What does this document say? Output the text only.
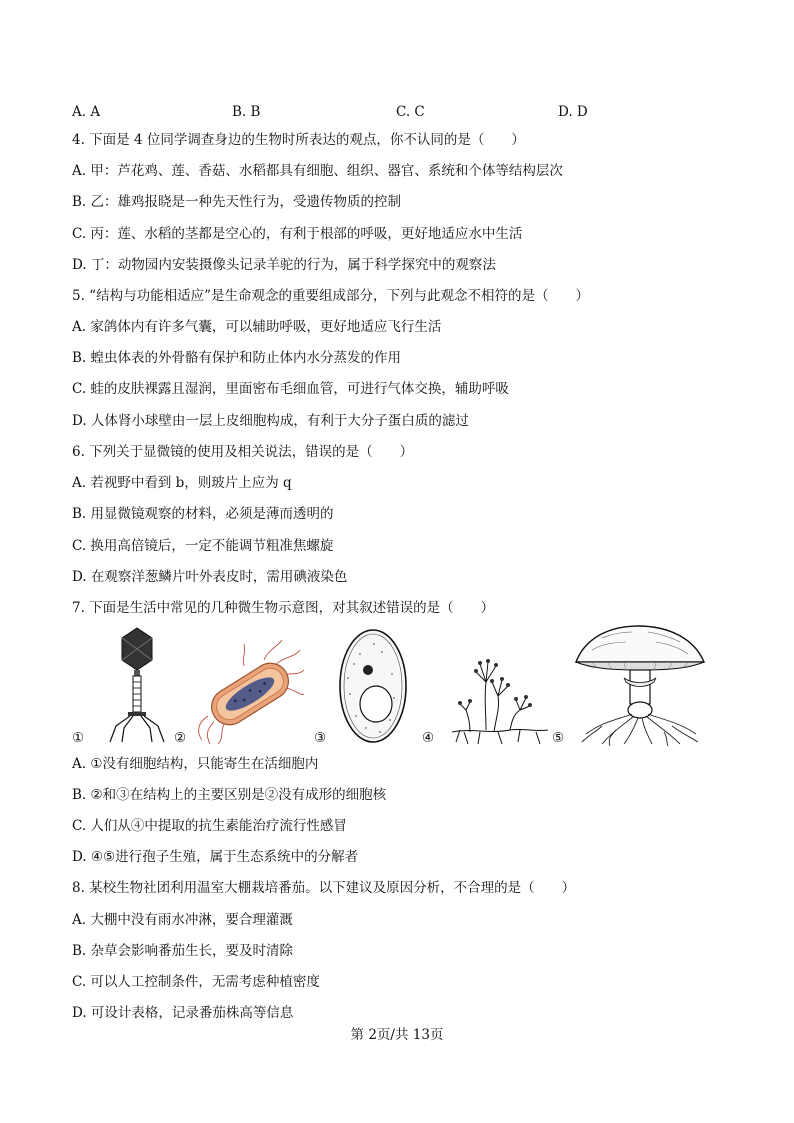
A. A	B. B	C. C	D. D
4. 下面是 4 位同学调查身边的生物时所表达的观点，你不认同的是（　　）
A. 甲：芦花鸡、莲、香菇、水稻都具有细胞、组织、器官、系统和个体等结构层次
B. 乙：雄鸡报晓是一种先天性行为，受遗传物质的控制
C. 丙：莲、水稻的茎都是空心的，有利于根部的呼吸，更好地适应水中生活
D. 丁：动物园内安装摄像头记录羊驼的行为，属于科学探究中的观察法
5. “结构与功能相适应”是生命观念的重要组成部分，下列与此观念不相符的是（　　）
A. 家鸽体内有许多气囊，可以辅助呼吸，更好地适应飞行生活
B. 蝗虫体表的外骨骼有保护和防止体内水分蒸发的作用
C. 蛙的皮肤裸露且湿润，里面密布毛细血管，可进行气体交换，辅助呼吸
D. 人体肾小球壁由一层上皮细胞构成，有利于大分子蛋白质的滤过
6. 下列关于显微镜的使用及相关说法，错误的是（　　）
A. 若视野中看到 b，则玻片上应为 q
B. 用显微镜观察的材料，必须是薄而透明的
C. 换用高倍镜后，一定不能调节粗准焦螺旋
D. 在观察洋葱鳞片叶外表皮时，需用碘液染色
7. 下面是生活中常见的几种微生物示意图，对其叙述错误的是（　　）
①	②	③	④	⑤
A. ①没有细胞结构，只能寄生在活细胞内
B. ②和③在结构上的主要区别是②没有成形的细胞核
C. 人们从④中提取的抗生素能治疗流行性感冒
D. ④⑤进行孢子生殖，属于生态系统中的分解者
8. 某校生物社团利用温室大棚栽培番茄。以下建议及原因分析，不合理的是（　　）
A. 大棚中没有雨水冲淋，要合理灌溉
B. 杂草会影响番茄生长，要及时清除
C. 可以人工控制条件，无需考虑种植密度
D. 可设计表格，记录番茄株高等信息
第 2页/共 13页
